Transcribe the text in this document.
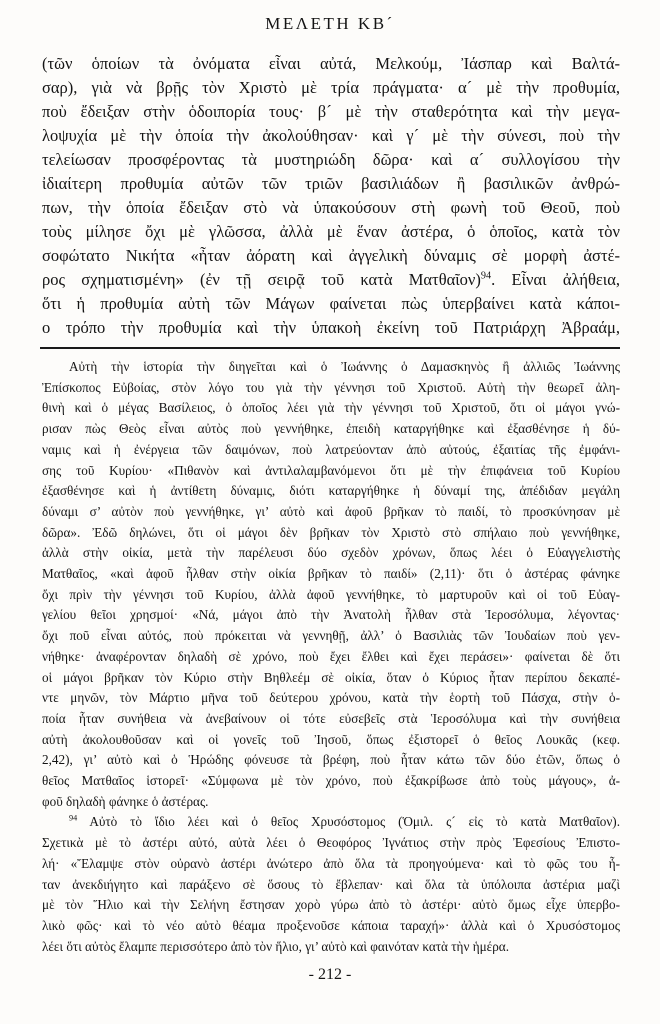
ΜΕΛΕΤΗ ΚΒ´
(τῶν ὁποίων τὰ ὀνόματα εἶναι αὐτά, Μελκούμ, Ἰάσπαρ καὶ Βαλτά-
σαρ), γιὰ νὰ βρῇς τὸν Χριστὸ μὲ τρία πράγματα· α´ μὲ τὴν προθυμία,
ποὺ ἔδειξαν στὴν ὁδοιπορία τους· β´ μὲ τὴν σταθερότητα καὶ τὴν μεγα-
λοψυχία μὲ τὴν ὁποία τὴν ἀκολούθησαν· καὶ γ´ μὲ τὴν σύνεσι, ποὺ τὴν
τελείωσαν προσφέροντας τὰ μυστηριώδη δῶρα· καὶ α´ συλλογίσου τὴν
ἰδιαίτερη προθυμία αὐτῶν τῶν τριῶν βασιλιάδων ἢ βασιλικῶν ἀνθρώ-
πων, τὴν ὁποία ἔδειξαν στὸ νὰ ὑπακούσουν στὴ φωνὴ τοῦ Θεοῦ, ποὺ
τοὺς μίλησε ὄχι μὲ γλῶσσα, ἀλλὰ μὲ ἕναν ἀστέρα, ὁ ὁποῖος, κατὰ τὸν
σοφώτατο Νικήτα «ἦταν ἀόρατη καὶ ἀγγελικὴ δύναμις σὲ μορφὴ ἀστέ-
ρος σχηματισμένη» (ἐν τῇ σειρᾷ τοῦ κατὰ Ματθαῖον)$^{94}$. Εἶναι ἀλήθεια,
ὅτι ἡ προθυμία αὐτὴ τῶν Μάγων φαίνεται πὼς ὑπερβαίνει κατὰ κάποι-
ο τρόπο τὴν προθυμία καὶ τὴν ὑπακοὴ ἐκείνη τοῦ Πατριάρχη Ἀβραάμ,
Αὐτὴ τὴν ἱστορία τὴν διηγεῖται καὶ ὁ Ἰωάννης ὁ Δαμασκηνὸς ἢ ἀλλιῶς Ἰωάννης
Ἐπίσκοπος Εὐβοίας, στὸν λόγο του γιὰ τὴν γέννησι τοῦ Χριστοῦ. Αὐτὴ τὴν θεωρεῖ ἀλη-
θινὴ καὶ ὁ μέγας Βασίλειος, ὁ ὁποῖος λέει γιὰ τὴν γέννησι τοῦ Χριστοῦ, ὅτι οἱ μάγοι γνώ-
ρισαν πὼς Θεὸς εἶναι αὐτὸς ποὺ γεννήθηκε, ἐπειδὴ καταργήθηκε καὶ ἐξασθένησε ἡ δύ-
ναμις καὶ ἡ ἐνέργεια τῶν δαιμόνων, ποὺ λατρεύονταν ἀπὸ αὐτούς, ἐξαιτίας τῆς ἐμφάνι-
σης τοῦ Κυρίου· «Πιθανὸν καὶ ἀντιλαλαμβανόμενοι ὅτι μὲ τὴν ἐπιφάνεια τοῦ Κυρίου
ἐξασθένησε καὶ ἡ ἀντίθετη δύναμις, διότι καταργήθηκε ἡ δύναμί της, ἀπέδιδαν μεγάλη
δύναμι σ’ αὐτὸν ποὺ γεννήθηκε, γι’ αὐτὸ καὶ ἀφοῦ βρῆκαν τὸ παιδί, τὸ προσκύνησαν μὲ
δῶρα». Ἐδῶ δηλώνει, ὅτι οἱ μάγοι δὲν βρῆκαν τὸν Χριστὸ στὸ σπήλαιο ποὺ γεννήθηκε,
ἀλλὰ στὴν οἰκία, μετὰ τὴν παρέλευσι δύο σχεδὸν χρόνων, ὅπως λέει ὁ Εὐαγγελιστὴς
Ματθαῖος, «καὶ ἀφοῦ ἦλθαν στὴν οἰκία βρῆκαν τὸ παιδί» (2,11)· ὅτι ὁ ἀστέρας φάνηκε
ὄχι πρὶν τὴν γέννησι τοῦ Κυρίου, ἀλλὰ ἀφοῦ γεννήθηκε, τὸ μαρτυροῦν καὶ οἱ τοῦ Εὐαγ-
γελίου θεῖοι χρησμοί· «Νά, μάγοι ἀπὸ τὴν Ἀνατολὴ ἦλθαν στὰ Ἱεροσόλυμα, λέγοντας·
ὄχι ποῦ εἶναι αὐτός, ποὺ πρόκειται νὰ γεννηθῇ, ἀλλ’ ὁ Βασιλιὰς τῶν Ἰουδαίων ποὺ γεν-
νήθηκε· ἀναφέρονταν δηλαδὴ σὲ χρόνο, ποὺ ἔχει ἔλθει καὶ ἔχει περάσει»· φαίνεται δὲ ὅτι
οἱ μάγοι βρῆκαν τὸν Κύριο στὴν Βηθλεέμ σὲ οἰκία, ὅταν ὁ Κύριος ἦταν περίπου δεκαπέ-
ντε μηνῶν, τὸν Μάρτιο μῆνα τοῦ δεύτερου χρόνου, κατὰ τὴν ἑορτὴ τοῦ Πάσχα, στὴν ὁ-
ποία ἦταν συνήθεια νὰ ἀνεβαίνουν οἱ τότε εὐσεβεῖς στὰ Ἱεροσόλυμα καὶ τὴν συνήθεια
αὐτὴ ἀκολουθοῦσαν καὶ οἱ γονεῖς τοῦ Ἰησοῦ, ὅπως ἐξιστορεῖ ὁ θεῖος Λουκᾶς (κεφ.
2,42), γι’ αὐτὸ καὶ ὁ Ἡρώδης φόνευσε τὰ βρέφη, ποὺ ἦταν κάτω τῶν δύο ἐτῶν, ὅπως ὁ
θεῖος Ματθαῖος ἱστορεῖ· «Σύμφωνα μὲ τὸν χρόνο, ποὺ ἐξακρίβωσε ἀπὸ τοὺς μάγους», ἀ-
φοῦ δηλαδὴ φάνηκε ὁ ἀστέρας.
$^{94}$ Αὐτὸ τὸ ἴδιο λέει καὶ ὁ θεῖος Χρυσόστομος (Ὁμιλ. ς´ εἰς τὸ κατὰ Ματθαῖον).
Σχετικὰ μὲ τὸ ἀστέρι αὐτό, αὐτὰ λέει ὁ Θεοφόρος Ἰγνάτιος στὴν πρὸς Ἐφεσίους Ἐπιστο-
λή· «Ἔλαμψε στὸν οὐρανὸ ἀστέρι ἀνώτερο ἀπὸ ὅλα τὰ προηγούμενα· καὶ τὸ φῶς του ἦ-
ταν ἀνεκδιήγητο καὶ παράξενο σὲ ὅσους τὸ ἔβλεπαν· καὶ ὅλα τὰ ὑπόλοιπα ἀστέρια μαζὶ
μὲ τὸν Ἥλιο καὶ τὴν Σελήνη ἔστησαν χορὸ γύρω ἀπὸ τὸ ἀστέρι· αὐτὸ ὅμως εἶχε ὑπερβο-
λικὸ φῶς· καὶ τὸ νέο αὐτὸ θέαμα προξενοῦσε κάποια ταραχή»· ἀλλὰ καὶ ὁ Χρυσόστομος
λέει ὅτι αὐτὸς ἔλαμπε περισσότερο ἀπὸ τὸν ἥλιο, γι’ αὐτὸ καὶ φαινόταν κατὰ τὴν ἡμέρα.
- 212 -
